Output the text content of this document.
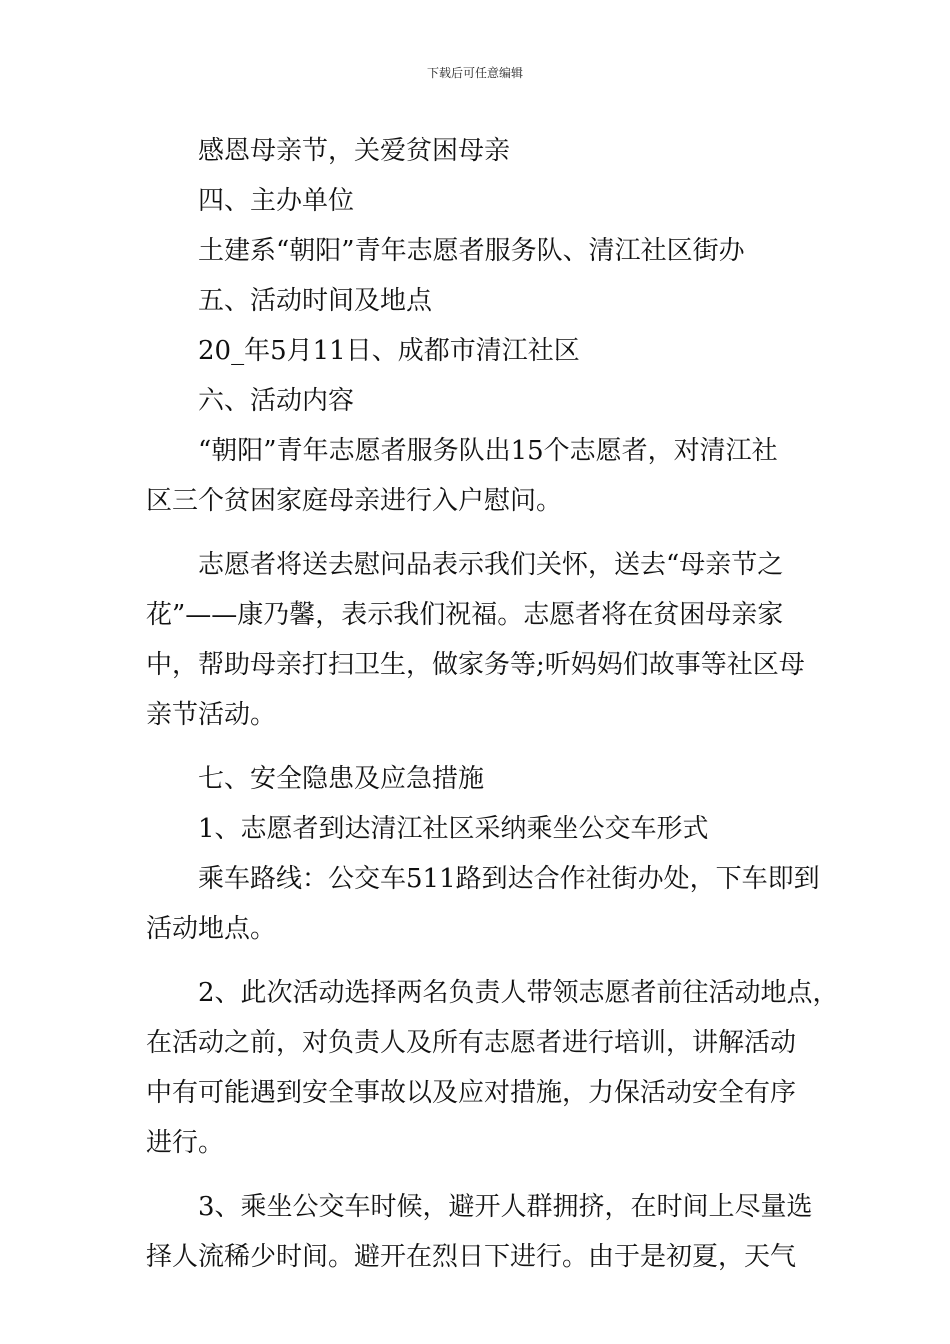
下载后可任意编辑
感恩母亲节，关爱贫困母亲
四、主办单位
土建系“朝阳”青年志愿者服务队、清江社区街办
五、活动时间及地点
20_年5月11日、成都市清江社区
六、活动内容
“朝阳”青年志愿者服务队出15个志愿者，对清江社
区三个贫困家庭母亲进行入户慰问。
志愿者将送去慰问品表示我们关怀，送去“母亲节之
花”——康乃馨，表示我们祝福。志愿者将在贫困母亲家
中，帮助母亲打扫卫生，做家务等;听妈妈们故事等社区母
亲节活动。
七、安全隐患及应急措施
1、志愿者到达清江社区采纳乘坐公交车形式
乘车路线：公交车511路到达合作社街办处，下车即到
活动地点。
2、此次活动选择两名负责人带领志愿者前往活动地点，
在活动之前，对负责人及所有志愿者进行培训，讲解活动
中有可能遇到安全事故以及应对措施，力保活动安全有序
进行。
3、乘坐公交车时候，避开人群拥挤，在时间上尽量选
择人流稀少时间。避开在烈日下进行。由于是初夏，天气
